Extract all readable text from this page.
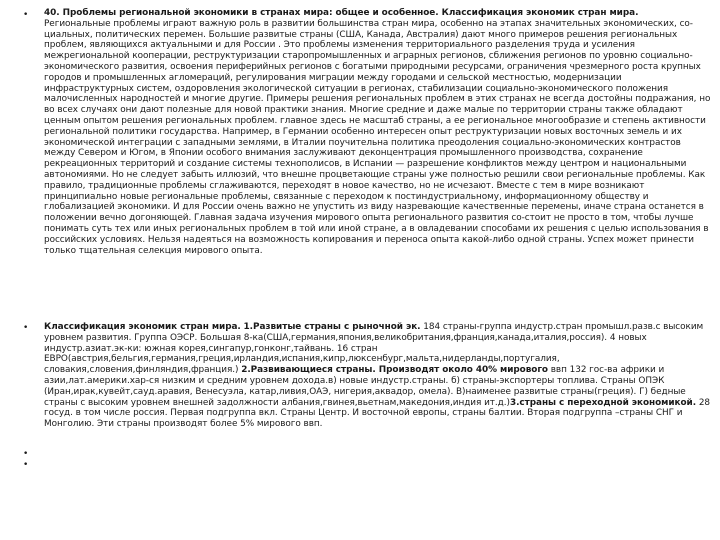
• 40. Проблемы региональной экономики в странах мира: общее и особенное. Классификация экономик стран мира.
Региональные проблемы играют важную роль в развитии большинства стран мира, особенно на этапах значительных экономических, со-циальных, политических перемен. Большие развитые страны (США, Канада, Австралия) дают много примеров решения региональных проблем, являющихся актуальными и для России . Это проблемы изменения территориального разделения труда и усиления межрегиональной кооперации, реструктуризации старопромышленных и аграрных регионов, сближения регионов по уровню социально-экономического развития, освоения периферийных регионов с богатыми природными ресурсами, ограничения чрезмерного роста крупных городов и промышленных агломераций, регулирования миграции между городами и сельской местностью, модернизации инфраструктурных систем, оздоровления экологической ситуации в регионах, стабилизации социально-экономического положения малочисленных народностей и многие другие. Примеры решения региональных проблем в этих странах не всегда достойны подражания, но во всех случаях они дают полезные для новой практики знания. Многие средние и даже малые по территории страны также обладают ценным опытом решения региональных проблем. главное здесь не масштаб страны, а ее региональное многообразие и степень активности региональной политики государства. Например, в Германии особенно интересен опыт реструктуризации новых восточных земель и их экономической интеграции с западными землями, в Италии поучительна политика преодоления социально-экономических контрастов между Севером и Югом, в Японии особого внимания заслуживают деконцентрация промышленного производства, сохранение рекреационных территорий и создание системы технополисов, в Испании — разрешение конфликтов между центром и национальными автономиями. Но не следует забыть иллюзий, что внешне процветающие страны уже полностью решили свои региональные проблемы. Как правило, традиционные проблемы сглаживаются, переходят в новое качество, но не исчезают. Вместе с тем в мире возникают принципиально новые региональные проблемы, связанные с переходом к постиндустриальному, информационному обществу и глобализацией экономики. И для России очень важно не упустить из виду назревающие качественные перемены, иначе страна останется в положении вечно догоняющей. Главная задача изучения мирового опыта регионального развития со-стоит не просто в том, чтобы лучше понимать суть тех или иных региональных проблем в той или иной стране, а в овладевании способами их решения с целью использования в российских условиях. Нельзя надеяться на возможность копирования и переноса опыта какой-либо одной страны. Успех может принести только тщательная селекция мирового опыта.
• Классификация экономик стран мира. 1.Развитые страны с рыночной эк. 184 страны-группа индустр.стран промышл.разв.с высоким уровнем развития. Группа ОЭСР. Большая 8-ка(США,германия,япония,великобритания,франция,канада,италия,россия). 4 новых индустр.азиат.эк-ки: южная корея,сингапур,гонконг,тайвань. 16 стран ЕВРО(австрия,бельгия,германия,греция,ирландия,испания,кипр,люксенбург,мальта,нидерланды,португалия, словакия,словения,финляндия,франция.) 2.Развивающиеся страны. Производят около 40% мирового ввп 132 гос-ва африки и азии,лат.америки.хар-ся низким и средним уровнем дохода.в) новые индустр.страны. б) страны-экспортеры топлива. Страны ОПЭК (Иран,ирак,кувейт,сауд.аравия, Венесуэла, катар,ливия,ОАЭ, нигерия,аквадор, омела). В)наименее развитые страны(греция). Г) бедные страны с высоким уровнем внешней задолжности албания,гвинея,вьетнам,македония,индия ит.д.)3.страны с переходной экономикой. 28 госуд. в том числе россия. Первая подгруппа вкл. Страны Центр. И восточной европы, страны балтии. Вторая подгруппа –страны СНГ и Монголию. Эти страны производят более 5% мирового ввп.
•
•
